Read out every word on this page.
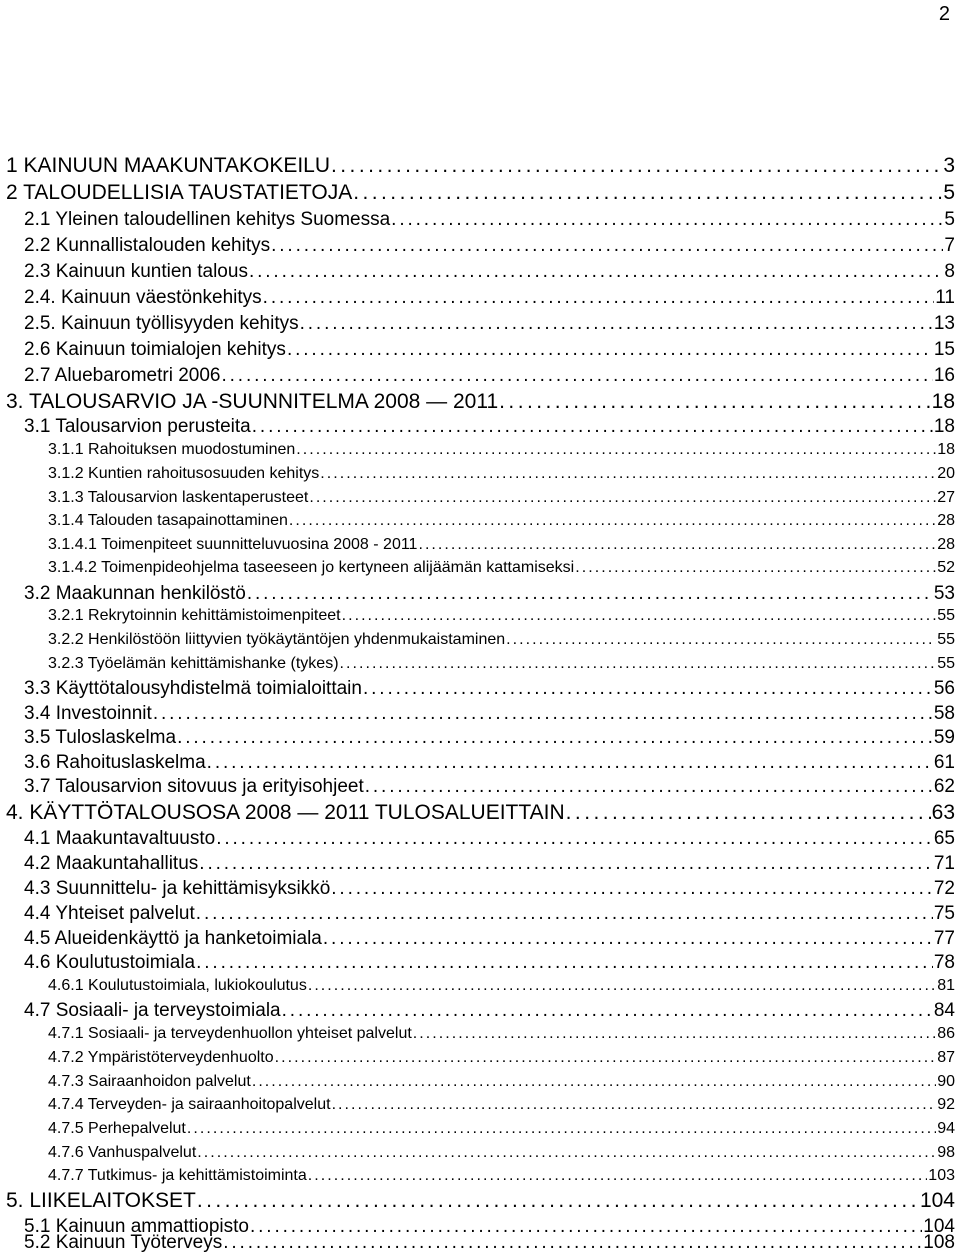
2
1 KAINUUN MAAKUNTAKOKEILU . . .	3
2 TALOUDELLISIA TAUSTATIETOJA . . .	5
2.1 Yleinen taloudellinen kehitys Suomessa . . .	5
2.2 Kunnallistalouden kehitys . . .	7
2.3 Kainuun kuntien talous . . .	8
2.4. Kainuun väestönkehitys . . .	11
2.5. Kainuun työllisyyden kehitys . . .	13
2.6 Kainuun toimialojen kehitys . . .	15
2.7 Aluebarometri 2006 . . .	16
3. TALOUSARVIO JA -SUUNNITELMA 2008 — 2011 . . .	18
3.1 Talousarvion perusteita . . .	18
3.1.1 Rahoituksen muodostuminen . . .	18
3.1.2 Kuntien rahoitusosuuden kehitys . . .	20
3.1.3 Talousarvion laskentaperusteet . . .	27
3.1.4 Talouden tasapainottaminen . . .	28
3.1.4.1 Toimenpiteet suunnitteluvuosina 2008 - 2011 . . .	28
3.1.4.2 Toimenpideohjelma taseeseen jo kertyneen alijäämän kattamiseksi . . .	52
3.2 Maakunnan henkilöstö . . .	53
3.2.1 Rekrytoinnin kehittämistoimenpiteet . . .	55
3.2.2 Henkilöstöön liittyvien työkäytäntöjen yhdenmukaistaminen . . .	55
3.2.3 Työelämän kehittämishanke (tykes) . . .	55
3.3 Käyttötalousyhdistelmä toimialoittain . . .	56
3.4 Investoinnit . . .	58
3.5 Tuloslaskelma . . .	59
3.6 Rahoituslaskelma . . .	61
3.7 Talousarvion sitovuus ja erityisohjeet . . .	62
4. KÄYTTÖTALOUSOSA 2008 — 2011 TULOSALUEITTAIN . . .	63
4.1 Maakuntavaltuusto . . .	65
4.2 Maakuntahallitus . . .	71
4.3 Suunnittelu- ja kehittämisyksikkö . . .	72
4.4 Yhteiset palvelut . . .	75
4.5 Alueidenkäyttö ja hanketoimiala . . .	77
4.6 Koulutustoimiala . . .	78
4.6.1 Koulutustoimiala, lukiokoulutus . . .	81
4.7 Sosiaali- ja terveystoimiala . . .	84
4.7.1 Sosiaali- ja terveydenhuollon yhteiset palvelut . . .	86
4.7.2 Ympäristöterveydenhuolto . . .	87
4.7.3 Sairaanhoidon palvelut . . .	90
4.7.4 Terveyden- ja sairaanhoitopalvelut . . .	92
4.7.5 Perhepalvelut . . .	94
4.7.6 Vanhuspalvelut . . .	98
4.7.7 Tutkimus- ja kehittämistoiminta . . .	103
5. LIIKELAITOKSET . . .	104
5.1 Kainuun ammattiopisto . . .	104
5.2 Kainuun Työterveys . . .	108
